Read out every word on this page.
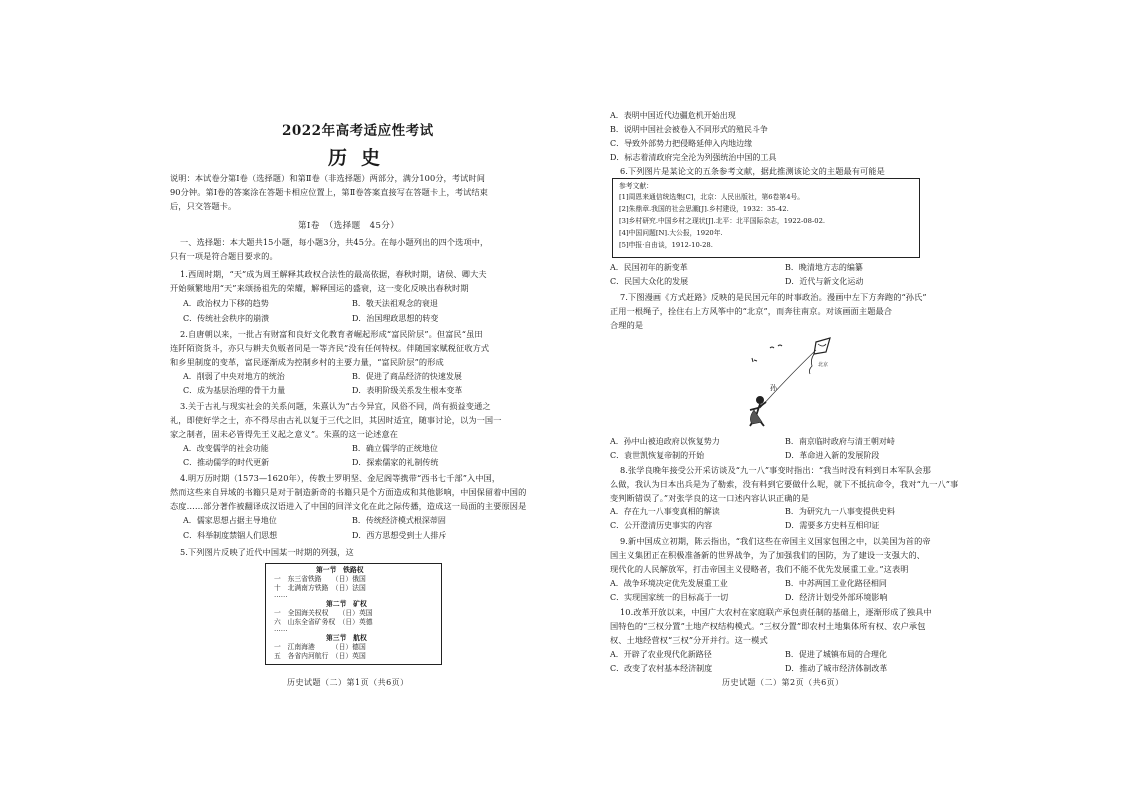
2022年高考适应性考试
历史
说明：本试卷分第Ⅰ卷（选择题）和第Ⅱ卷（非选择题）两部分，满分100分，考试时间
90分钟。第Ⅰ卷的答案涂在答题卡相应位置上，第Ⅱ卷答案直接写在答题卡上，考试结束
后，只交答题卡。
第Ⅰ卷　（选择题　45分）
一、选择题：本大题共15小题，每小题3分，共45分。在每小题列出的四个选项中，
只有一项是符合题目要求的。
1.西周时期，“天”成为周王解释其政权合法性的最高依据，春秋时期，诸侯、卿大夫
开始频繁地用“天”来颂扬祖先的荣耀，解释国运的盛衰，这一变化反映出春秋时期
A．政治权力下移的趋势	B．敬天法祖观念的衰退
C．传统社会秩序的崩溃	D．治国理政思想的转变
2.自唐朝以来，一批占有财富和良好文化教育者崛起形成“富民阶层”。但富民“虽田
连阡陌资货斗，亦只与耕夫负贩者同是一等齐民”没有任何特权。伴随国家赋税征收方式
和乡里制度的变革，富民逐渐成为控制乡村的主要力量，“富民阶层”的形成
A．削弱了中央对地方的统治	B．促进了商品经济的快速发展
C．成为基层治理的骨干力量	D．表明阶级关系发生根本变革
3.关于古礼与现实社会的关系问题，朱熹认为“古今异宜，风俗不同，尚有损益变通之
礼，即使好学之士，亦不得尽由古礼以复于三代之旧，其因时适宜，随事讨论，以为一国一
家之制者，固未必皆得先王义起之意义”。朱熹的这一论述意在
A．改变儒学的社会功能	B．确立儒学的正统地位
C．推动儒学的时代更新	D．探索儒家的礼制传统
4.明万历时期（1573—1620年），传教士罗明坚、金尼阁等携带“西书七千部”入中国，
然而这些来自异域的书籍只是对于制造新奇的书籍只是个方面造成和其他影响，中国保留着中国的
态度……部分著作被翻译成汉语进入了中国的回洋文化在此之际传播，造成这一局面的主要原因是
A．儒家思想占据主导地位	B．传统经济模式根深蒂固
C．科举制度禁锢人们思想	D．西方思想受到士人排斥
5.下列图片反映了近代中国某一时期的列强，这
第一节　铁路权
一　东三省铁路　　（日）俄国
十　北满南方铁路　（日）法国
……
第二节　矿权
一　全国海关权权　　（日）英国
六　山东全省矿务权　（日）英德
……
第三节　航权
一　江南海港　　　（日）德国
五　各省内河航行　（日）英国
历史试题（二）第1页（共6页）
A．表明中国近代边疆危机开始出现
B．说明中国社会被卷入不同形式的殖民斗争
C．导致外部势力把侵略延伸入内地边缘
D．标志着清政府完全沦为列强统治中国的工具
6.下列图片是某论文的五条参考文献，据此推测该论文的主题最有可能是
参考文献：
[1]周恩来通信统选集[C]，北京：人民出版社，第6卷第4号。
[2]朱鼎章.我国的社会思潮[J].乡村建设，1932：35-42.
[3]乡村研究.中国乡村之现状[J].北平：北平国际杂志，1922-08-02.
[4]中国问题[N].大公报，1920年.
[5]申报·自由谈，1912-10-28.
A．民国初年的新变革	B．晚清地方志的编纂
C．民国大众化的发展	D．近代与新文化运动
7.下图漫画《方式赶路》反映的是民国元年的时事政治。漫画中左下方奔跑的“孙氏”
正用一根绳子，拴住右上方风筝中的“北京”，而奔往南京。对该画面主题最合
合理的是
孙
北京
A．孙中山被迫政府以恢复势力	B．南京临时政府与清王朝对峙
C．袁世凯恢复帝制的开始	D．革命进入新的发展阶段
8.张学良晚年接受公开采访谈及“九一八”事变时指出：“我当时没有料到日本军队会那
么做，我认为日本出兵是为了勒索，没有料到它要做什么呢，就下不抵抗命令，我对“九一八”事
变判断错误了。”对张学良的这一口述内容认识正确的是
A．存在九一八事变真相的解读	B．为研究九一八事变提供史料
C．公开澄清历史事实的内容	D．需要多方史料互相印证
9.新中国成立初期，陈云指出，“我们这些在帝国主义国家包围之中，以美国为首的帝
国主义集团正在积极准备新的世界战争，为了加强我们的国防，为了建设一支强大的、
现代化的人民解放军，打击帝国主义侵略者，我们不能不优先发展重工业。”这表明
A．战争环境决定优先发展重工业	B．中苏两国工业化路径相同
C．实现国家统一的目标高于一切	D．经济计划受外部环境影响
10.改革开放以来，中国广大农村在家庭联产承包责任制的基础上，逐渐形成了独具中
国特色的“三权分置”土地产权结构模式。“三权分置”即农村土地集体所有权、农户承包
权、土地经营权“三权”分开并行。这一模式
A．开辟了农业现代化新路径	B．促进了城镇布局的合理化
C．改变了农村基本经济制度	D．推动了城市经济体制改革
历史试题（二）第2页（共6页）
